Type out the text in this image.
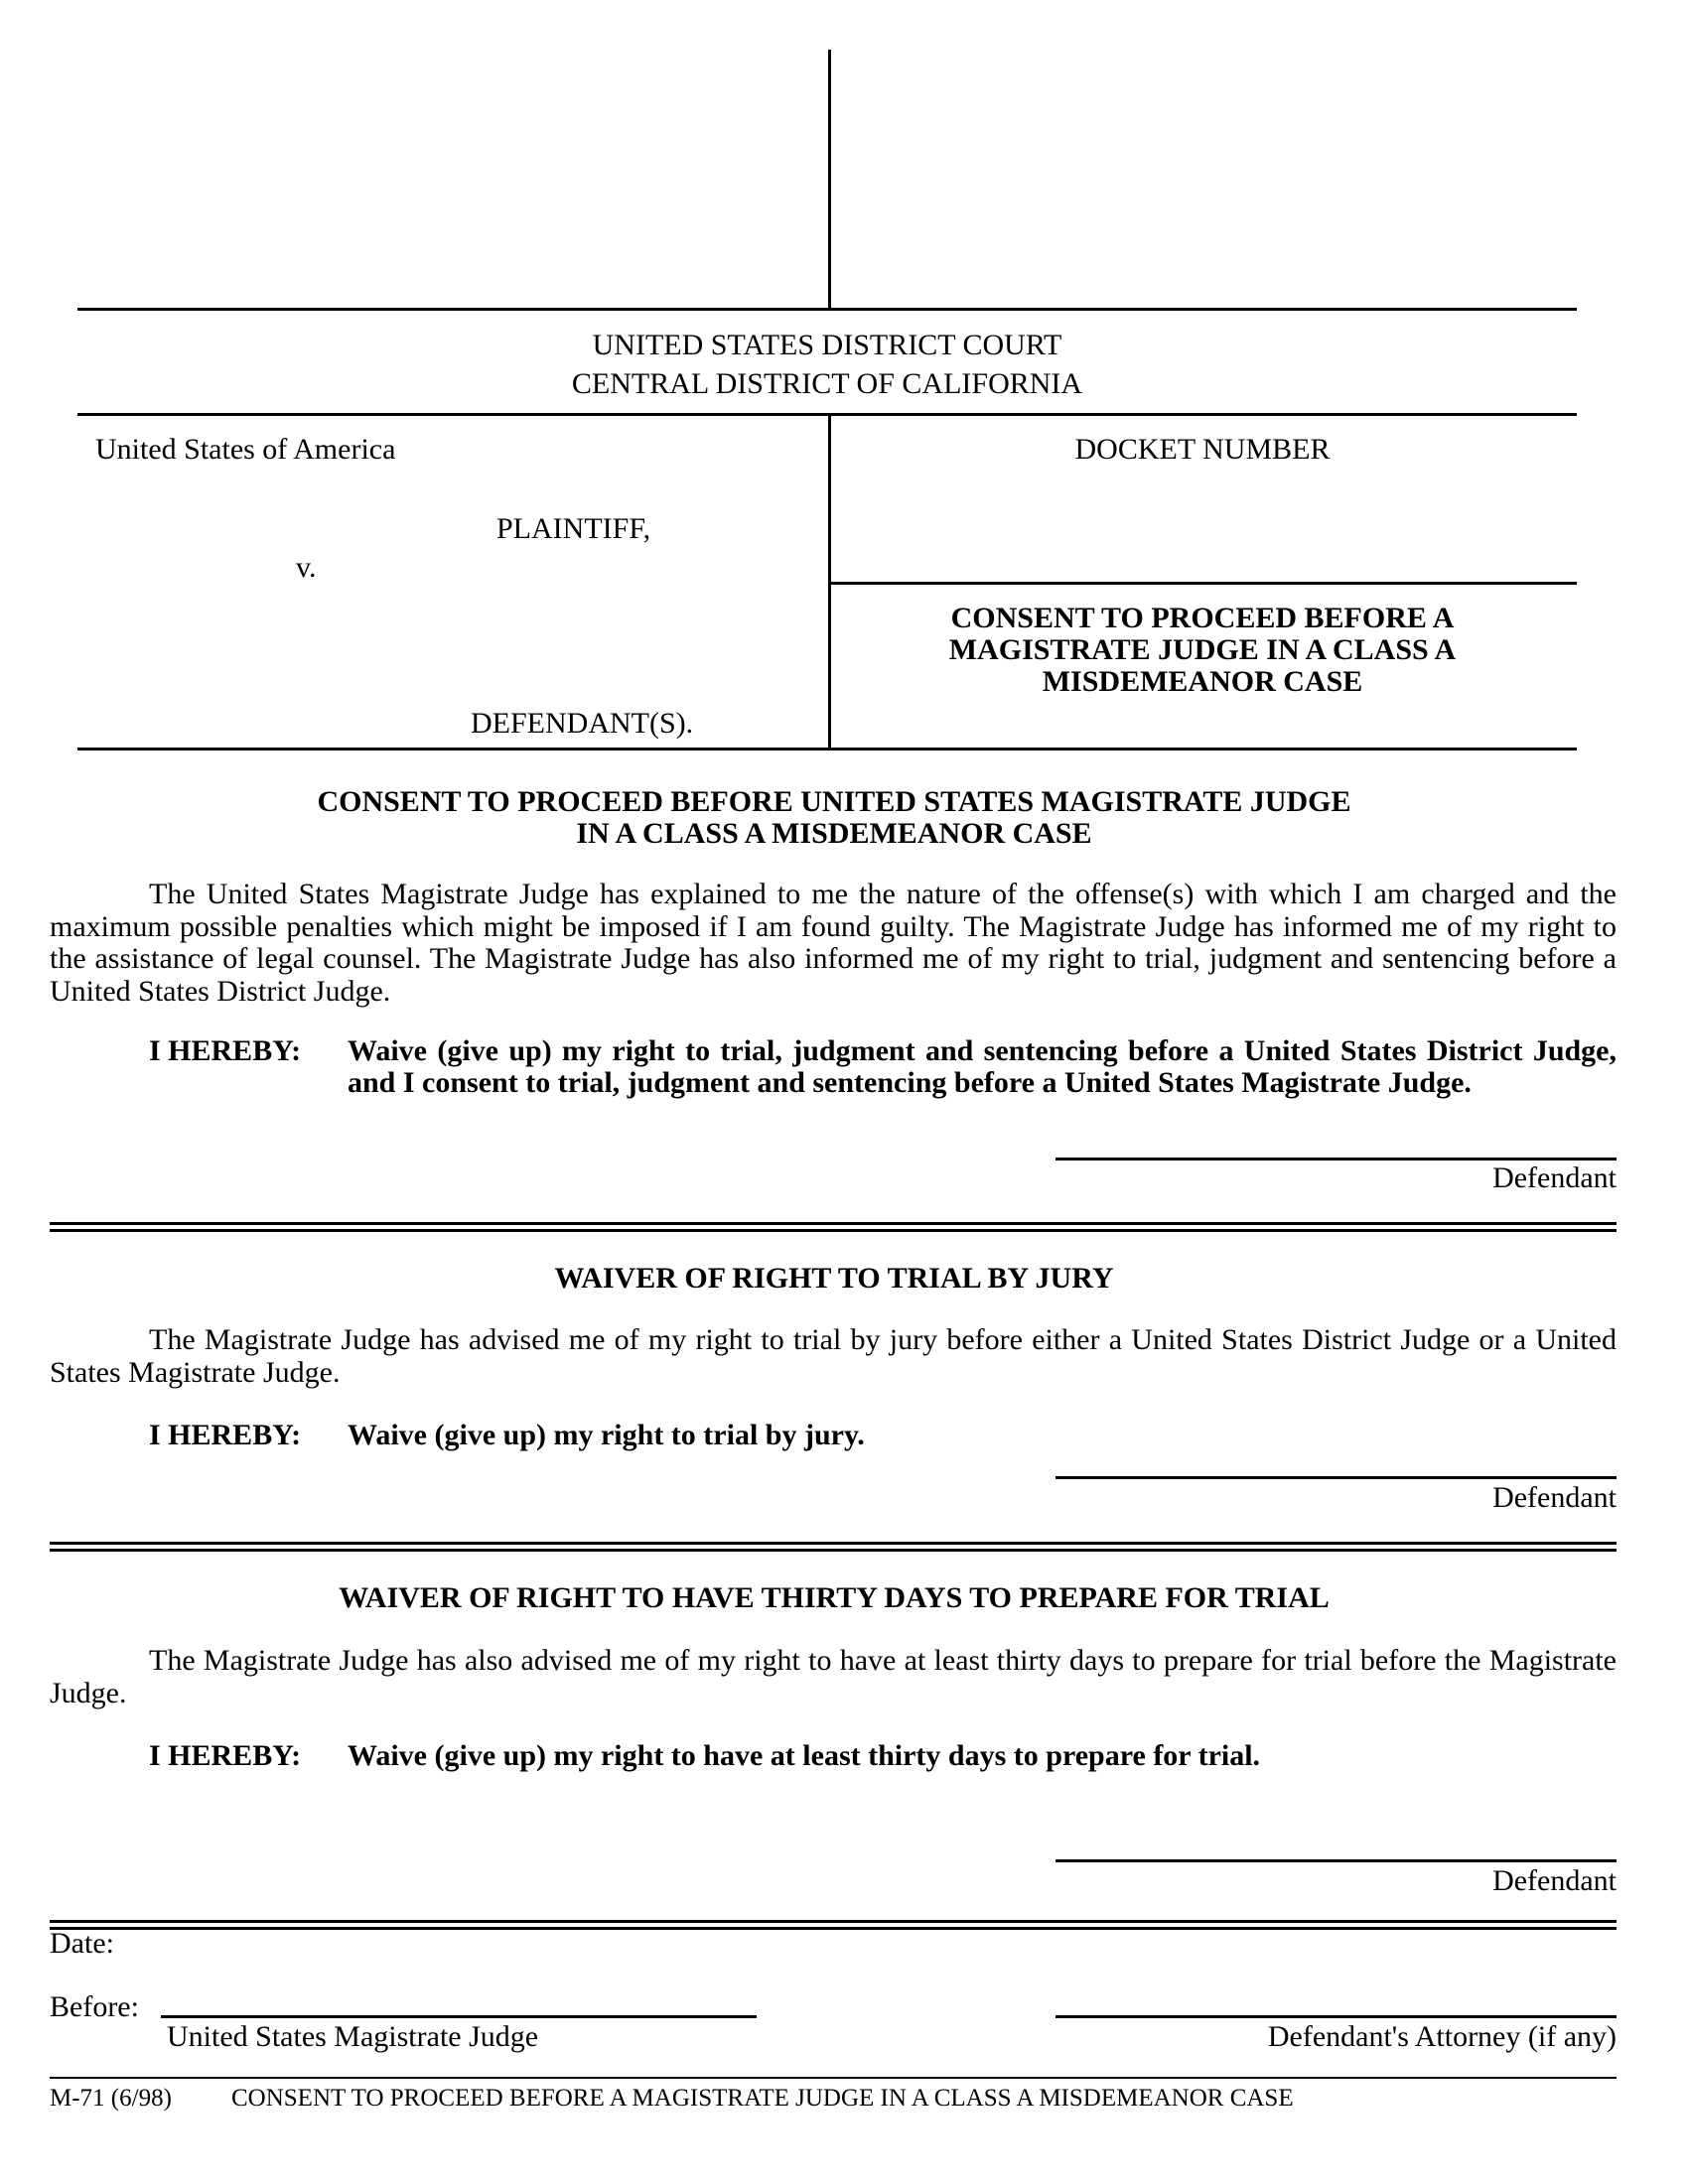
UNITED STATES DISTRICT COURT
CENTRAL DISTRICT OF CALIFORNIA
United States of America
PLAINTIFF,
v.
DEFENDANT(S).
DOCKET NUMBER
CONSENT TO PROCEED BEFORE A
MAGISTRATE JUDGE IN A CLASS A
MISDEMEANOR CASE
CONSENT TO PROCEED BEFORE UNITED STATES MAGISTRATE JUDGE
IN A CLASS A MISDEMEANOR CASE
The United States Magistrate Judge has explained to me the nature of the offense(s) with which I am charged and the maximum possible penalties which might be imposed if I am found guilty. The Magistrate Judge has informed me of my right to the assistance of legal counsel. The Magistrate Judge has also informed me of my right to trial, judgment and sentencing before a United States District Judge.
I HEREBY: Waive (give up) my right to trial, judgment and sentencing before a United States District Judge, and I consent to trial, judgment and sentencing before a United States Magistrate Judge.
Defendant
WAIVER OF RIGHT TO TRIAL BY JURY
The Magistrate Judge has advised me of my right to trial by jury before either a United States District Judge or a United States Magistrate Judge.
I HEREBY: Waive (give up) my right to trial by jury.
Defendant
WAIVER OF RIGHT TO HAVE THIRTY DAYS TO PREPARE FOR TRIAL
The Magistrate Judge has also advised me of my right to have at least thirty days to prepare for trial before the Magistrate Judge.
I HEREBY: Waive (give up) my right to have at least thirty days to prepare for trial.
Defendant
Date:
Before:
United States Magistrate Judge	Defendant's Attorney (if any)
M-71 (6/98) CONSENT TO PROCEED BEFORE A MAGISTRATE JUDGE IN A CLASS A MISDEMEANOR CASE
